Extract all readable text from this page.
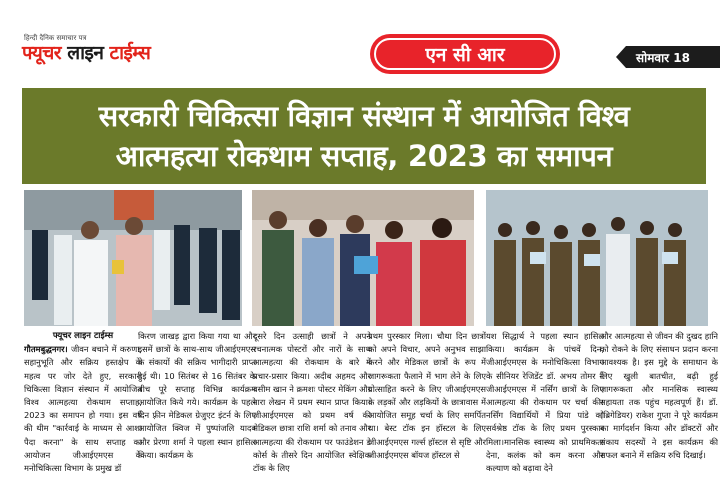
हिन्दी दैनिक समाचार पत्र
फ्यूचर लाइन टाईम्स	एन सी आर	सोमवार 18
सरकारी चिकित्सा विज्ञान संस्थान में आयोजित विश्व
आत्महत्या रोकथाम सप्ताह, 2023 का समापन

फ्यूचर लाइन टाईम्स
गौतमबुद्धनगर। जीवन बचाने में करुणा, सहानुभूति और सक्रिय हस्तक्षेप के महत्व पर जोर देते हुए, सरकारी चिकित्सा विज्ञान संस्थान में आयोजित विश्व आत्महत्या रोकथाम सप्ताह, 2023 का समापन हो गया। इस वर्ष की थीम "कार्रवाई के माध्यम से आशा पैदा करना" के साथ सप्ताह का आयोजन जीआईएमएस के मनोचिकित्सा विभाग के प्रमुख डॉ

किरण जाखड़ द्वारा किया गया था और इसमें छात्रों के साथ-साथ जीआईएमएस के संकायों की सक्रिय भागीदारी प्राप्त हुई थी। 10 सितंबर से 16 सितंबर के बीच पूरे सप्ताह विभिन्न कार्यक्रम आयोजित किये गये। कार्यक्रम के पहले दिन फ़्रीन मेडिकल ग्रेजुएट इंटर्न के लिए आयोजित क्विज में पुष्पांजलि यादव और प्रेरणा शर्मा ने पहला स्थान हासिल किया। कार्यक्रम के

दूसरे दिन उत्साही छात्रों ने अपने रचनात्मक पोस्टरों और नारों के साथ आत्महत्या की रोकथाम के बारे में प्रचार-प्रसार किया। अदीब अहमद और वसीम खान ने क्रमशः पोस्टर मेकिंग और नारा लेखन में प्रथम स्थान प्राप्त किया। जीआईएमएस को प्रथम वर्ष की मेडिकल छात्रा राशि शर्मा को तनाव और आत्महत्या की रोकथाम पर फाउंडेशन डे कोर्स के तीसरे दिन आयोजित स्वेक्षिक टॉक के लिए

प्रथम पुरस्कार मिला। चौथा दिन छात्रों को अपने विचार, अपने अनुभव साझा करने और मेडिकल छात्रों के रूप में जागरूकता फैलाने में भाग लेने के लिए प्रोत्साहित करने के लिए जीआईएमएस के लड़कों और लड़कियों के छात्रावास में आयोजित समूह चर्चा के लिए समर्पित था। बेस्ट टॉक इन हॉस्टल के लिए जीआईएमएस गर्ल्स हॉस्टल से सृष्टि और जीआईएमएस बॉयज हॉस्टल से

यश सिद्धार्थ ने पहला स्थान हासिल किया। कार्यक्रम के पांचवें दिन, जीआईएमएस के मनोचिकित्सा विभाग के सीनियर रेजिडेंट डॉ. अभय तोमर ने जीआईएमएस में नर्सिंग छात्रों के लिए आत्महत्या की रोकथाम पर चर्चा की। नर्सिंग विद्यार्थियों में प्रिया पांडे को सर्वश्रेष्ठ टॉक के लिए प्रथम पुरस्कार मिला।मानसिक स्वास्थ्य को प्राथमिकता देना, कलंक को कम करना और कल्याण को बढ़ावा देने

और आत्महत्या से जीवन की दुखद हानि को रोकने के लिए संसाधन प्रदान करना आवश्यक है। इस मुद्दे के समाधान के लिए खुली बातचीत, बढ़ी हुई जागरूकता और मानसिक स्वास्थ्य सहायता तक पहुंच महत्वपूर्ण हैं। डॉ. (ब्रिगेडियर) राकेश गुप्ता ने पूरे कार्यक्रम का मार्गदर्शन किया और डॉक्टरों और संकाय सदस्यों ने इस कार्यक्रम की सफल बनाने में सक्रिय रुचि दिखाई।
